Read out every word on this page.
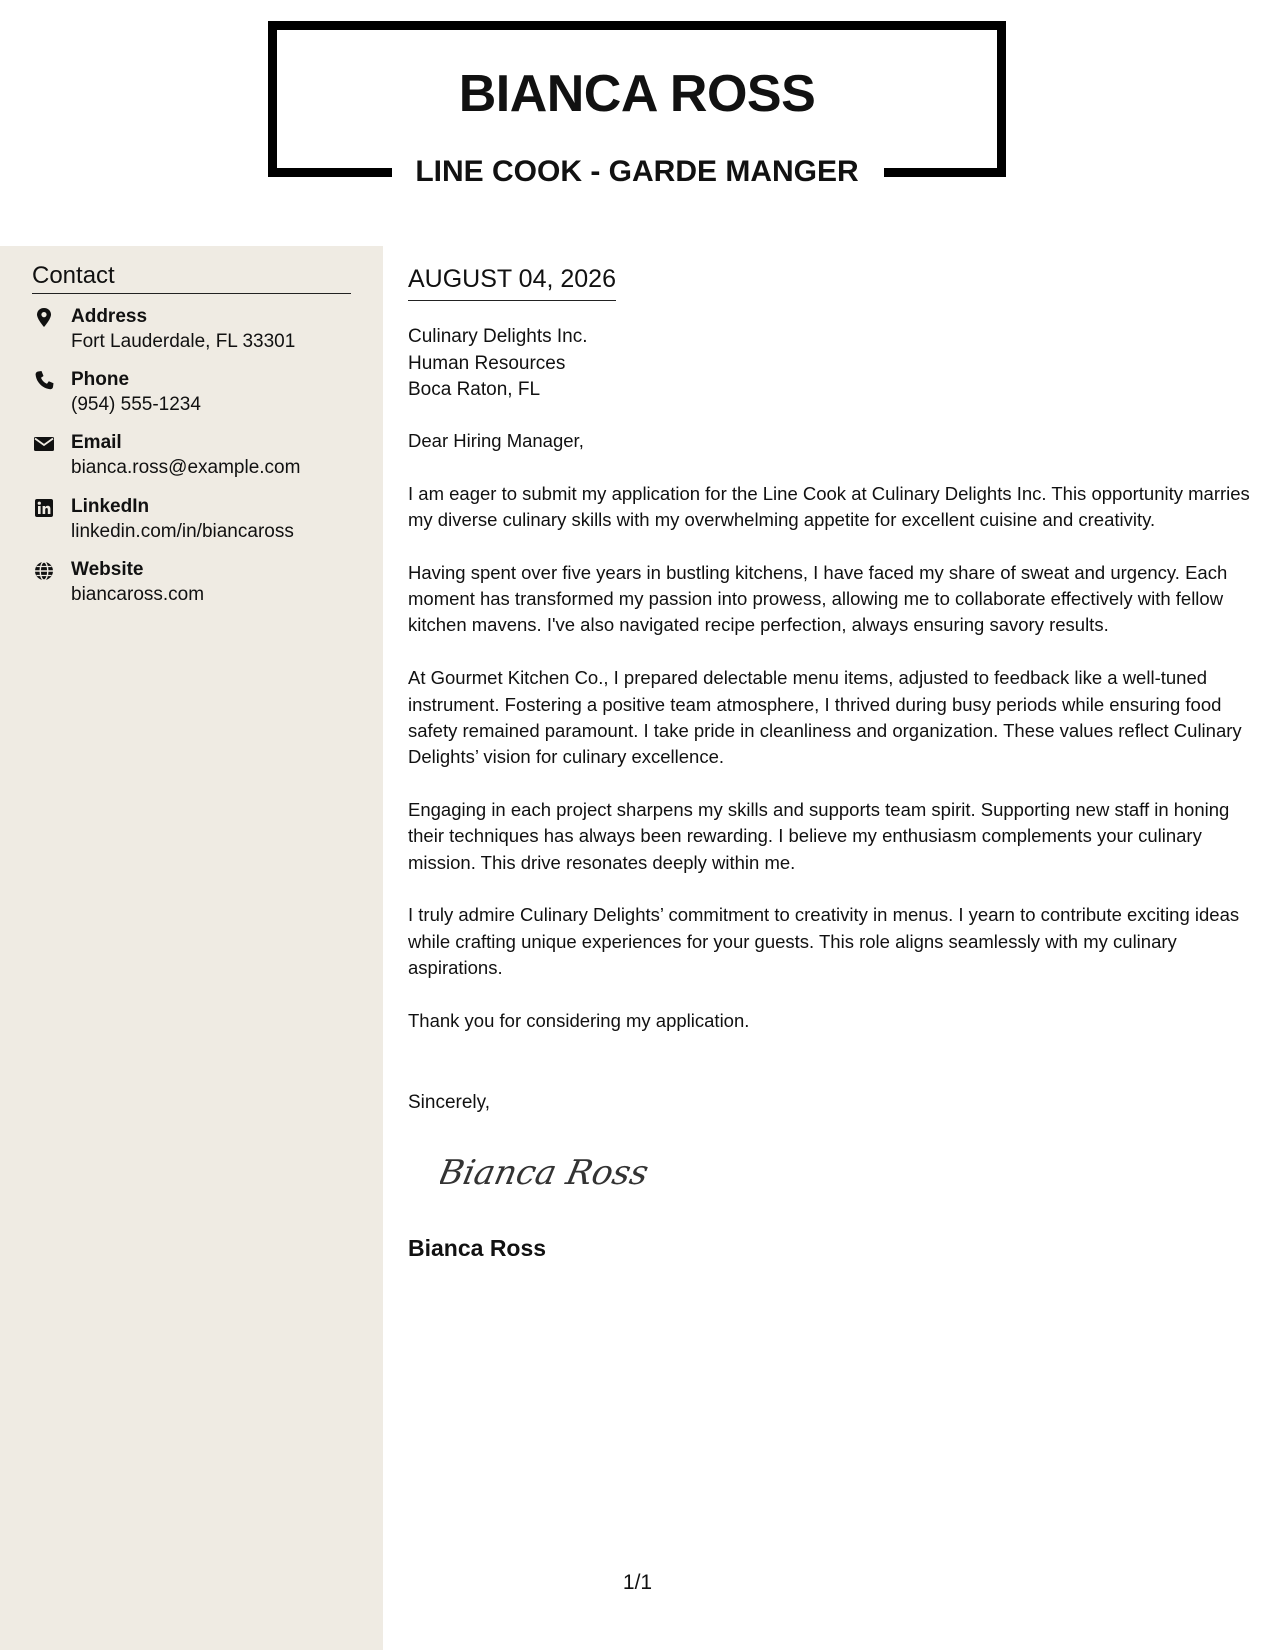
BIANCA ROSS
LINE COOK - GARDE MANGER
Contact
Address
Fort Lauderdale, FL 33301
Phone
(954) 555-1234
Email
bianca.ross@example.com
LinkedIn
linkedin.com/in/biancaross
Website
biancaross.com
AUGUST 04, 2026
Culinary Delights Inc.
Human Resources
Boca Raton, FL

Dear Hiring Manager,

I am eager to submit my application for the Line Cook at Culinary Delights Inc. This opportunity marries my diverse culinary skills with my overwhelming appetite for excellent cuisine and creativity.

Having spent over five years in bustling kitchens, I have faced my share of sweat and urgency. Each moment has transformed my passion into prowess, allowing me to collaborate effectively with fellow kitchen mavens. I've also navigated recipe perfection, always ensuring savory results.

At Gourmet Kitchen Co., I prepared delectable menu items, adjusted to feedback like a well-tuned instrument. Fostering a positive team atmosphere, I thrived during busy periods while ensuring food safety remained paramount. I take pride in cleanliness and organization. These values reflect Culinary Delights’ vision for culinary excellence.

Engaging in each project sharpens my skills and supports team spirit. Supporting new staff in honing their techniques has always been rewarding. I believe my enthusiasm complements your culinary mission. This drive resonates deeply within me.

I truly admire Culinary Delights’ commitment to creativity in menus. I yearn to contribute exciting ideas while crafting unique experiences for your guests. This role aligns seamlessly with my culinary aspirations.

Thank you for considering my application.

Sincerely,
Bianca Ross
Bianca Ross
1/1
